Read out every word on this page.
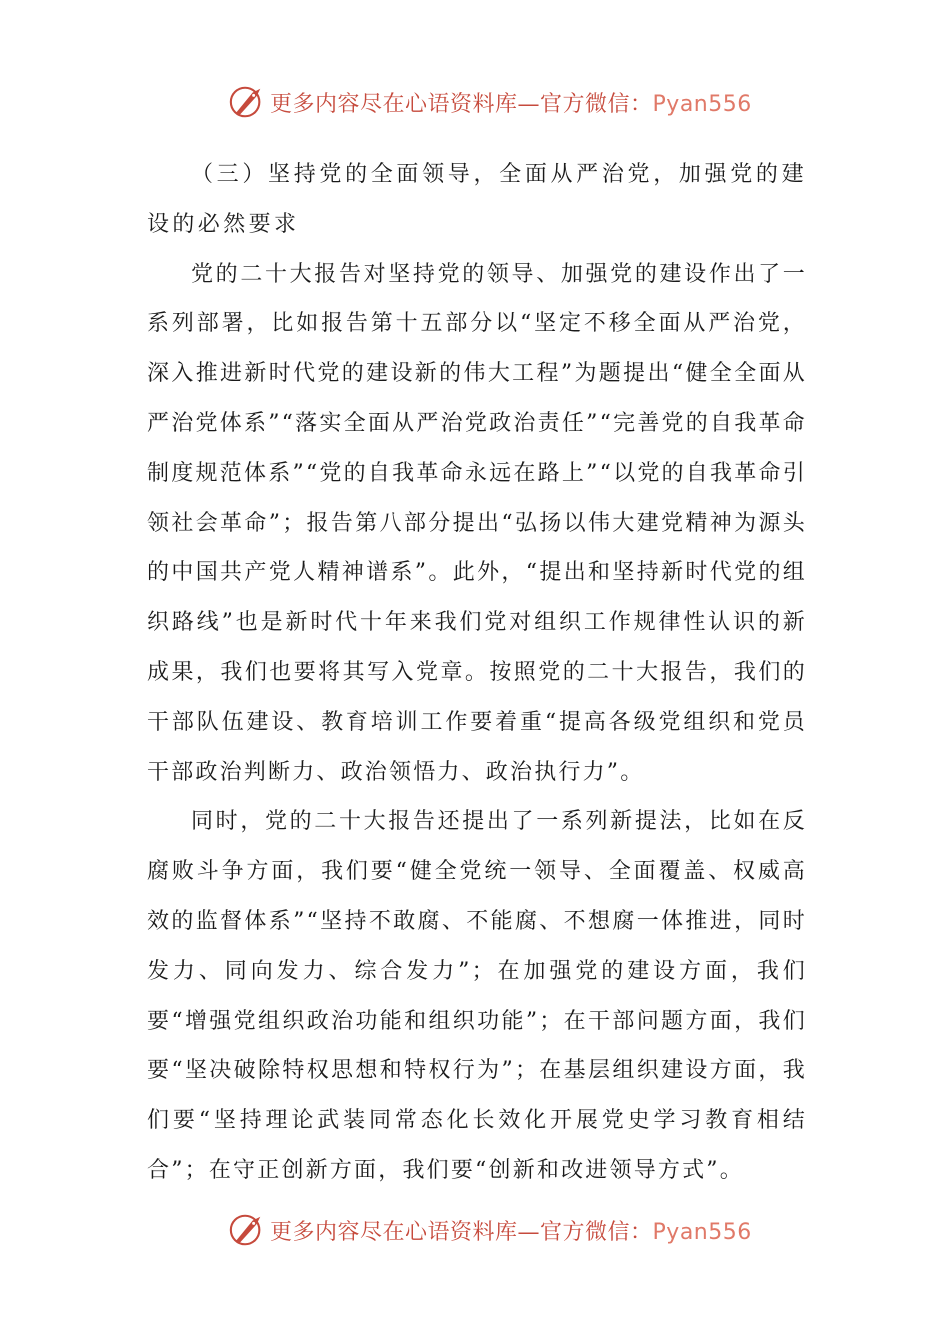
更多内容尽在心语资料库—官方微信：Pyan556

（三）坚持党的全面领导，全面从严治党，加强党的建设的必然要求

党的二十大报告对坚持党的领导、加强党的建设作出了一系列部署，比如报告第十五部分以“坚定不移全面从严治党，深入推进新时代党的建设新的伟大工程”为题提出“健全全面从严治党体系”“落实全面从严治党政治责任”“完善党的自我革命制度规范体系”“党的自我革命永远在路上”“以党的自我革命引领社会革命”；报告第八部分提出“弘扬以伟大建党精神为源头的中国共产党人精神谱系”。此外，“提出和坚持新时代党的组织路线”也是新时代十年来我们党对组织工作规律性认识的新成果，我们也要将其写入党章。按照党的二十大报告，我们的干部队伍建设、教育培训工作要着重“提高各级党组织和党员干部政治判断力、政治领悟力、政治执行力”。

同时，党的二十大报告还提出了一系列新提法，比如在反腐败斗争方面，我们要“健全党统一领导、全面覆盖、权威高效的监督体系”“坚持不敢腐、不能腐、不想腐一体推进，同时发力、同向发力、综合发力”；在加强党的建设方面，我们要“增强党组织政治功能和组织功能”；在干部问题方面，我们要“坚决破除特权思想和特权行为”；在基层组织建设方面，我们要“坚持理论武装同常态化长效化开展党史学习教育相结合”；在守正创新方面，我们要“创新和改进领导方式”。

更多内容尽在心语资料库—官方微信：Pyan556
